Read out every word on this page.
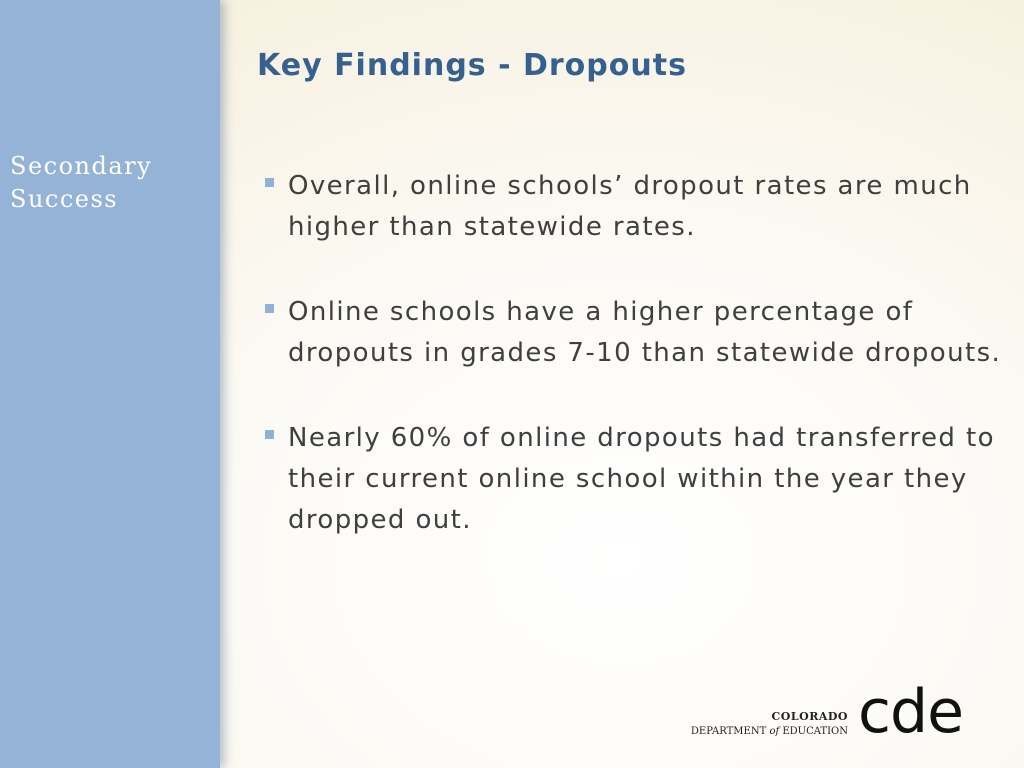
Secondary Success
Key Findings - Dropouts
Overall, online schools’ dropout rates are much higher than statewide rates.
Online schools have a higher percentage of dropouts in grades 7-10 than statewide dropouts.
Nearly 60% of online dropouts had transferred to their current online school within the year they dropped out.
COLORADO
DEPARTMENT of EDUCATION cde
